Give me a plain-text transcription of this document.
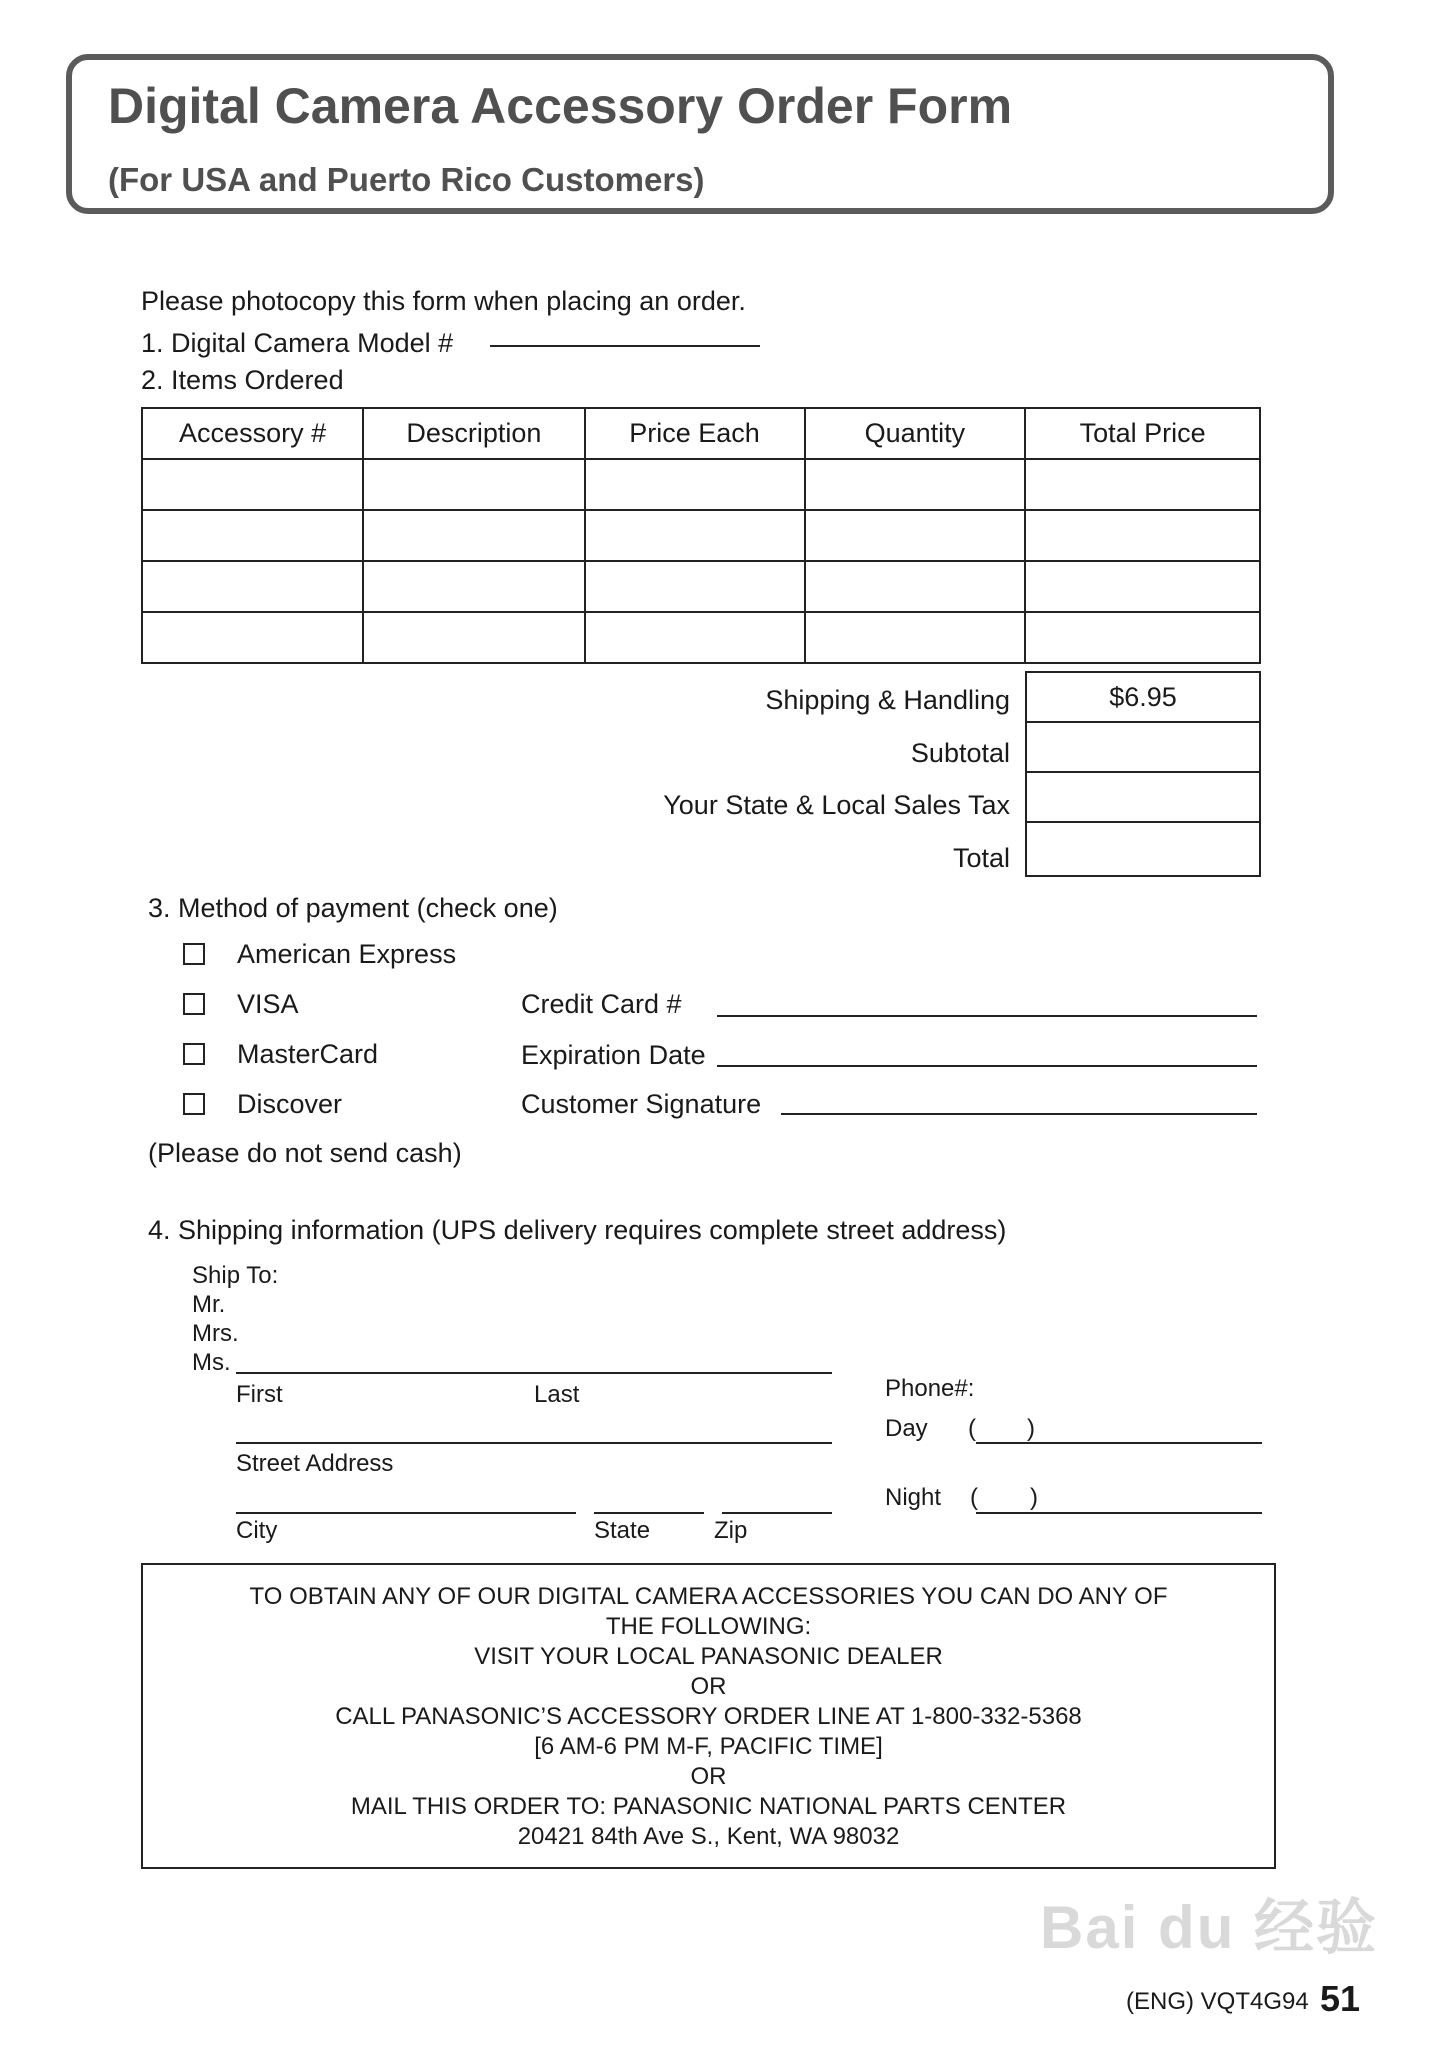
Digital Camera Accessory Order Form
(For USA and Puerto Rico Customers)
Please photocopy this form when placing an order.
1. Digital Camera Model #
2. Items Ordered
Accessory #	Description	Price Each	Quantity	Total Price

Shipping & Handling	$6.95
Subtotal
Your State & Local Sales Tax
Total
3. Method of payment (check one)
American Express
VISA
MasterCard
Discover
Credit Card #
Expiration Date
Customer Signature
(Please do not send cash)
4. Shipping information (UPS delivery requires complete street address)
Ship To:
Mr.
Mrs.
Ms.
First	Last
Street Address
City	State	Zip
Phone#:
Day ( )
Night ( )
TO OBTAIN ANY OF OUR DIGITAL CAMERA ACCESSORIES YOU CAN DO ANY OF
THE FOLLOWING:
VISIT YOUR LOCAL PANASONIC DEALER
OR
CALL PANASONIC’S ACCESSORY ORDER LINE AT 1-800-332-5368
[6 AM-6 PM M-F, PACIFIC TIME]
OR
MAIL THIS ORDER TO: PANASONIC NATIONAL PARTS CENTER
20421 84th Ave S., Kent, WA 98032
Bai du 经验
(ENG) VQT4G94 51
